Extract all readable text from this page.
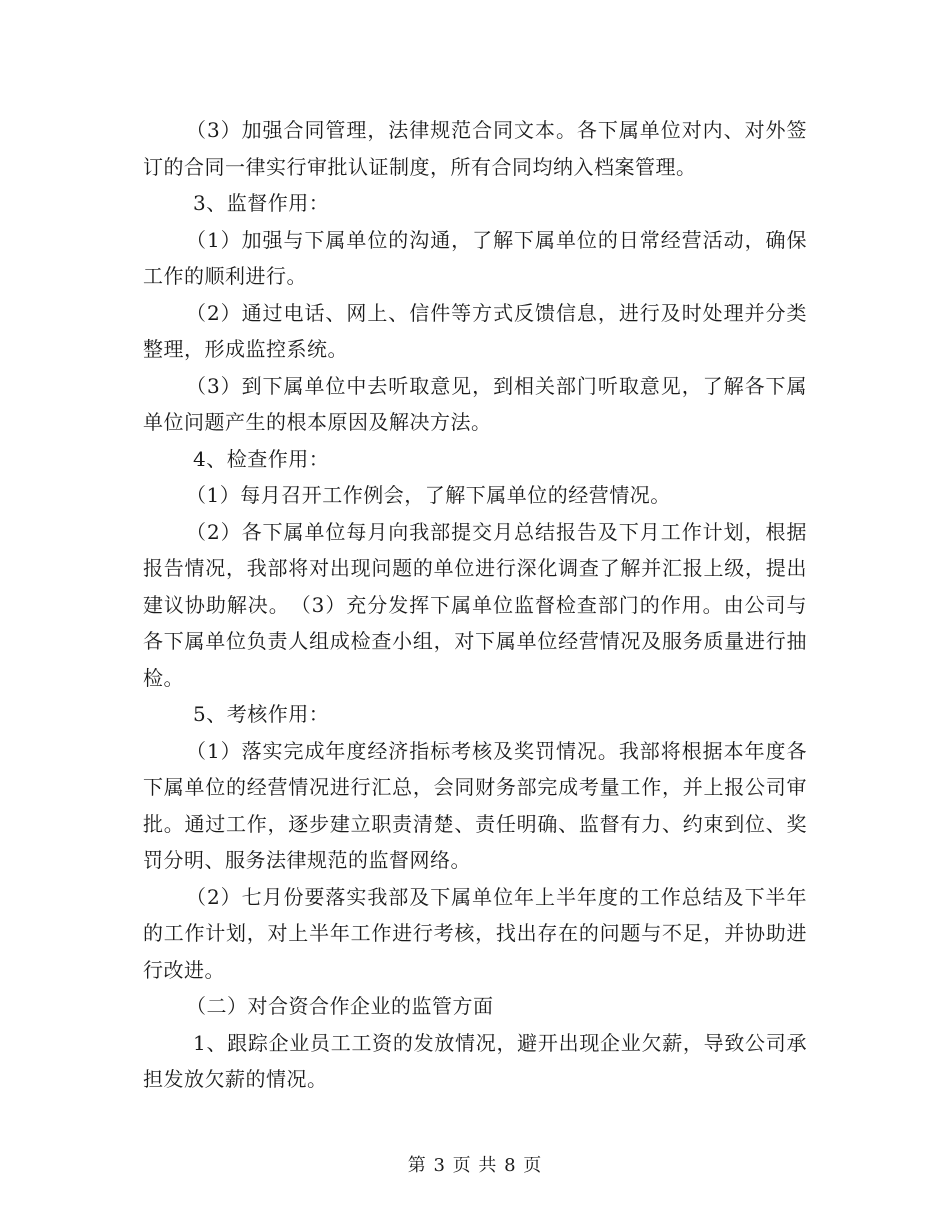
（3）加强合同管理，法律规范合同文本。各下属单位对内、对外签订的合同一律实行审批认证制度，所有合同均纳入档案管理。

3、监督作用：

（1）加强与下属单位的沟通，了解下属单位的日常经营活动，确保工作的顺利进行。

（2）通过电话、网上、信件等方式反馈信息，进行及时处理并分类整理，形成监控系统。

（3）到下属单位中去听取意见，到相关部门听取意见，了解各下属单位问题产生的根本原因及解决方法。

4、检查作用：

（1）每月召开工作例会，了解下属单位的经营情况。

（2）各下属单位每月向我部提交月总结报告及下月工作计划，根据报告情况，我部将对出现问题的单位进行深化调查了解并汇报上级，提出建议协助解决。　（3）充分发挥下属单位监督检查部门的作用。由公司与各下属单位负责人组成检查小组，对下属单位经营情况及服务质量进行抽检。

5、考核作用：

（1）落实完成年度经济指标考核及奖罚情况。我部将根据本年度各下属单位的经营情况进行汇总，会同财务部完成考量工作，并上报公司审批。通过工作，逐步建立职责清楚、责任明确、监督有力、约束到位、奖罚分明、服务法律规范的监督网络。

（2）七月份要落实我部及下属单位年上半年度的工作总结及下半年的工作计划，对上半年工作进行考核，找出存在的问题与不足，并协助进行改进。

（二）对合资合作企业的监管方面

1、跟踪企业员工工资的发放情况，避开出现企业欠薪，导致公司承担发放欠薪的情况。

第 3 页 共 8 页
